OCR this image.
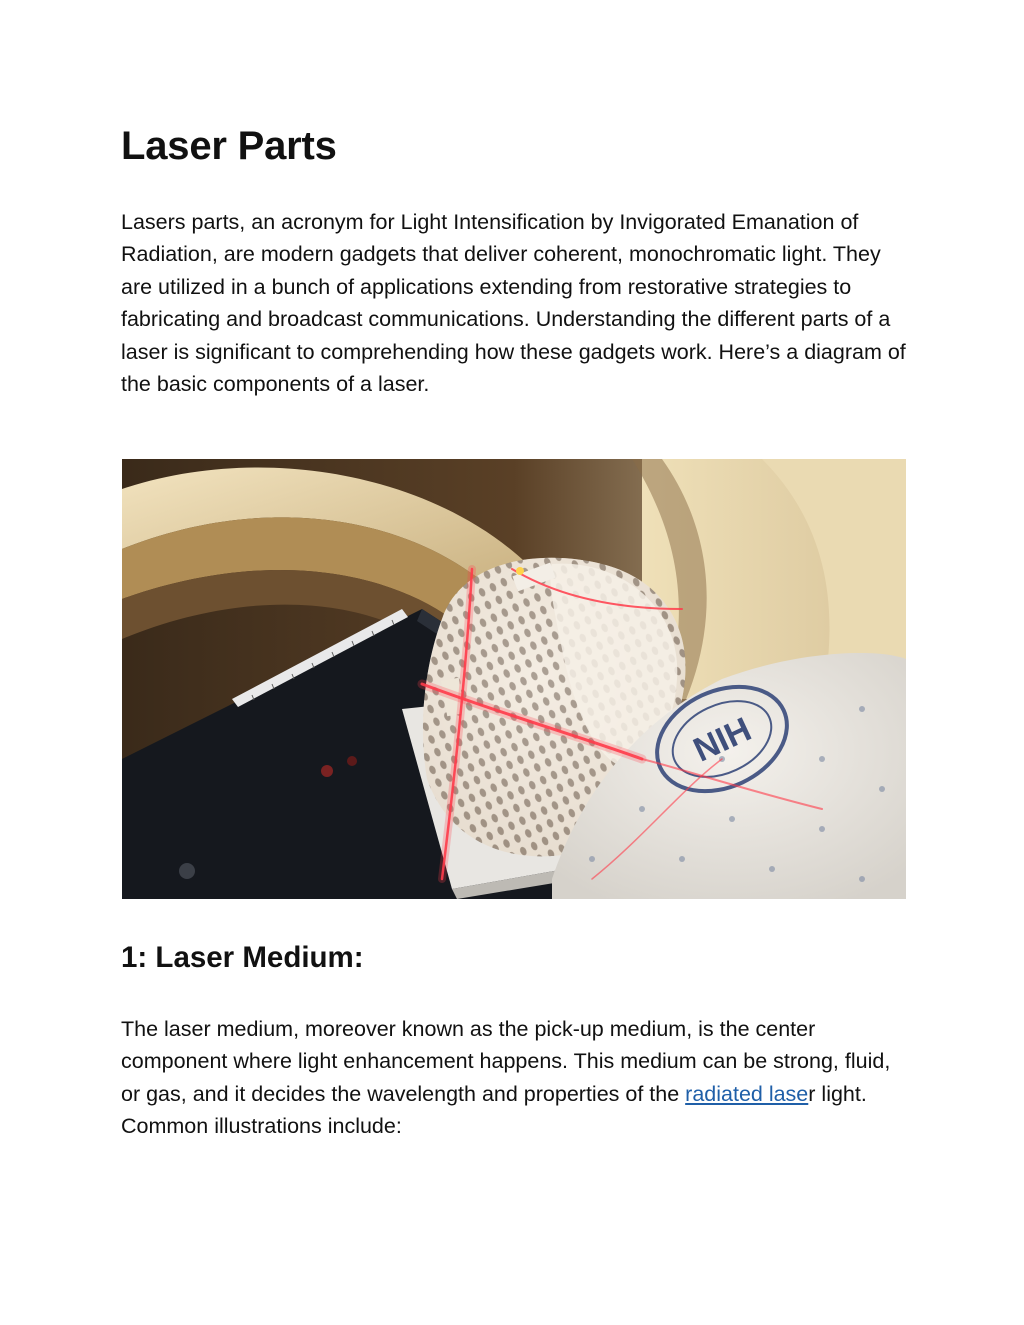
Laser Parts

Lasers parts, an acronym for Light Intensification by Invigorated Emanation of Radiation, are modern gadgets that deliver coherent, monochromatic light. They are utilized in a bunch of applications extending from restorative strategies to fabricating and broadcast communications. Understanding the different parts of a laser is significant to comprehending how these gadgets work. Here’s a diagram of the basic components of a laser.

NIH
1: Laser Medium:

The laser medium, moreover known as the pick-up medium, is the center component where light enhancement happens. This medium can be strong, fluid, or gas, and it decides the wavelength and properties of the radiated laser light. Common illustrations include:
